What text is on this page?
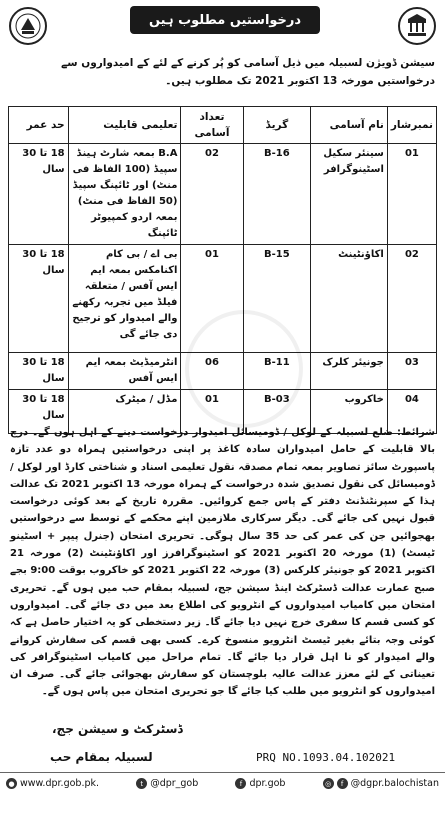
درخواستیں مطلوب ہیں
سیشن ڈویژن لسبیلہ میں ذیل آسامی کو پُر کرنے کے لئے کے امیدواروں سے درخواستیں مورخہ 13 اکتوبر 2021 تک مطلوب ہیں۔
نمبرشار	نام آسامی	گریڈ	تعداد آسامی	تعلیمی قابلیت	حد عمر
01	سینئر سکیل اسٹینوگرافر	B-16	02	B.A بمعہ شارٹ ہینڈ سپیڈ (100 الفاظ فی منٹ) اور ٹائپنگ سپیڈ (50 الفاظ فی منٹ) بمعہ اردو کمپیوٹر ٹائپنگ	18 تا 30 سال
02	اکاؤنٹینٹ	B-15	01	بی اے / بی کام اکنامکس بمعہ ایم ایس آفس / متعلقہ فیلڈ میں تجربہ رکھنے والے امیدوار کو ترجیح دی جائے گی	18 تا 30 سال
03	جونیئر کلرک	B-11	06	انٹرمیڈیٹ بمعہ ایم ایس آفس	18 تا 30 سال
04	خاکروب	B-03	01	مڈل / میٹرک	18 تا 30 سال
شرائط: ضلع لسبیلہ کے لوکل / ڈومیسائل امیدوار درخواست دینے کے اہل ہوں گے۔ درج بالا قابلیت کے حامل امیدواران سادہ کاغذ پر اپنی درخواستیں ہمراہ دو عدد تازہ پاسپورٹ سائز تصاویر بمعہ تمام مصدقہ نقول تعلیمی اسناد و شناختی کارڈ اور لوکل / ڈومیسائل کی نقول تصدیق شدہ درخواست کے ہمراہ مورخہ 13 اکتوبر 2021 تک عدالت ہذا کے سپرنٹنڈنٹ دفتر کے پاس جمع کروائیں۔ مقررہ تاریخ کے بعد کوئی درخواست قبول نہیں کی جائے گی۔ دیگر سرکاری ملازمین اپنے محکمے کے توسط سے درخواستیں بھجوائیں جن کی عمر کی حد 35 سال ہوگی۔ تحریری امتحان (جنرل پیپر + اسٹینو ٹیسٹ) (1) مورخہ 20 اکتوبر 2021 کو اسٹینوگرافرز اور اکاؤنٹینٹ (2) مورخہ 21 اکتوبر 2021 کو جونیئر کلرکس (3) مورخہ 22 اکتوبر 2021 کو خاکروب بوقت 9:00 بجے صبح عمارت عدالت ڈسٹرکٹ اینڈ سیشن جج، لسبیلہ بمقام حب میں ہوں گے۔ تحریری امتحان میں کامیاب امیدواروں کے انٹرویو کی اطلاع بعد میں دی جائے گی۔ امیدواروں کو کسی قسم کا سفری خرچ نہیں دیا جائے گا۔ زیر دستخطی کو یہ اختیار حاصل ہے کہ کوئی وجہ بتائے بغیر ٹیسٹ انٹرویو منسوخ کرے۔ کسی بھی قسم کی سفارش کروانے والے امیدوار کو نا اہل قرار دیا جائے گا۔ تمام مراحل میں کامیاب اسٹینوگرافر کی تعیناتی کے لئے معزز عدالت عالیہ بلوچستان کو سفارش بھجوائی جائے گی۔ صرف ان امیدواروں کو انٹرویو میں طلب کیا جائے گا جو تحریری امتحان میں پاس ہوں گے۔
ڈسٹرکٹ و سیشن جج،
لسبیلہ بمقام حب	PRQ NO.1093.04.102021
● www.dpr.gob.pk.	t @dpr_gob	f dpr.gob	◎	f @dgpr.balochistan
